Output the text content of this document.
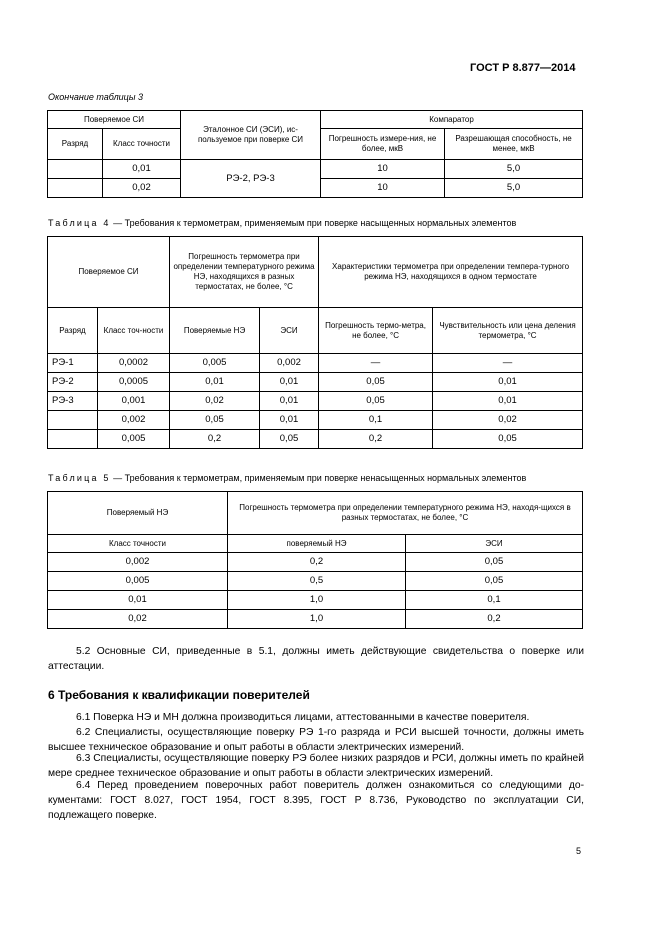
ГОСТ Р 8.877—2014
Окончание таблицы 3
Поверяемое СИ		Эталонное СИ (ЭСИ), ис-пользуемое при поверке СИ	Компаратор	
Разряд	Класс точности		Погрешность измере-ния, не более, мкВ	Разрешающая способность, не менее, мкВ
	0,01	РЭ-2, РЭ-3	10	5,0
	0,02		10	5,0
Таблица 4 — Требования к термометрам, применяемым при поверке насыщенных нормальных элементов
Поверяемое СИ		Погрешность термометра при определении температурного режима НЭ, находящихся в разных термостатах, не более, °С		Характеристики термометра при определении темпера-турного режима НЭ, находящихся в одном термостате	
Разряд	Класс точ-ности	Поверяемые НЭ	ЭСИ	Погрешность термо-метра, не более, °С	Чувствительность или цена деления термометра, °С
РЭ-1	0,0002	0,005	0,002	—	—
РЭ-2	0,0005	0,01	0,01	0,05	0,01
РЭ-3	0,001	0,02	0,01	0,05	0,01
	0,002	0,05	0,01	0,1	0,02
	0,005	0,2	0,05	0,2	0,05
Таблица 5 — Требования к термометрам, применяемым при поверке ненасыщенных нормальных элементов
Поверяемый НЭ	Погрешность термометра при определении температурного режима НЭ, находя-щихся в разных термостатах, не более, °С	
Класс точности	поверяемый НЭ	ЭСИ
0,002	0,2	0,05
0,005	0,5	0,05
0,01	1,0	0,1
0,02	1,0	0,2

5.2 Основные СИ, приведенные в 5.1, должны иметь действующие свидетельства о поверке или аттестации.

6 Требования к квалификации поверителей

6.1 Поверка НЭ и МН должна производиться лицами, аттестованными в качестве поверителя.

6.2 Специалисты, осуществляющие поверку РЭ 1-го разряда и РСИ высшей точности, должны иметь высшее техническое образование и опыт работы в области электрических измерений.

6.3 Специалисты, осуществляющие поверку РЭ более низких разрядов и РСИ, должны иметь по крайней мере среднее техническое образование и опыт работы в области электрических измерений.

6.4 Перед проведением поверочных работ поверитель должен ознакомиться со следующими до-кументами: ГОСТ 8.027, ГОСТ 1954, ГОСТ 8.395, ГОСТ Р 8.736, Руководство по эксплуатации СИ, подлежащего поверке.

5
